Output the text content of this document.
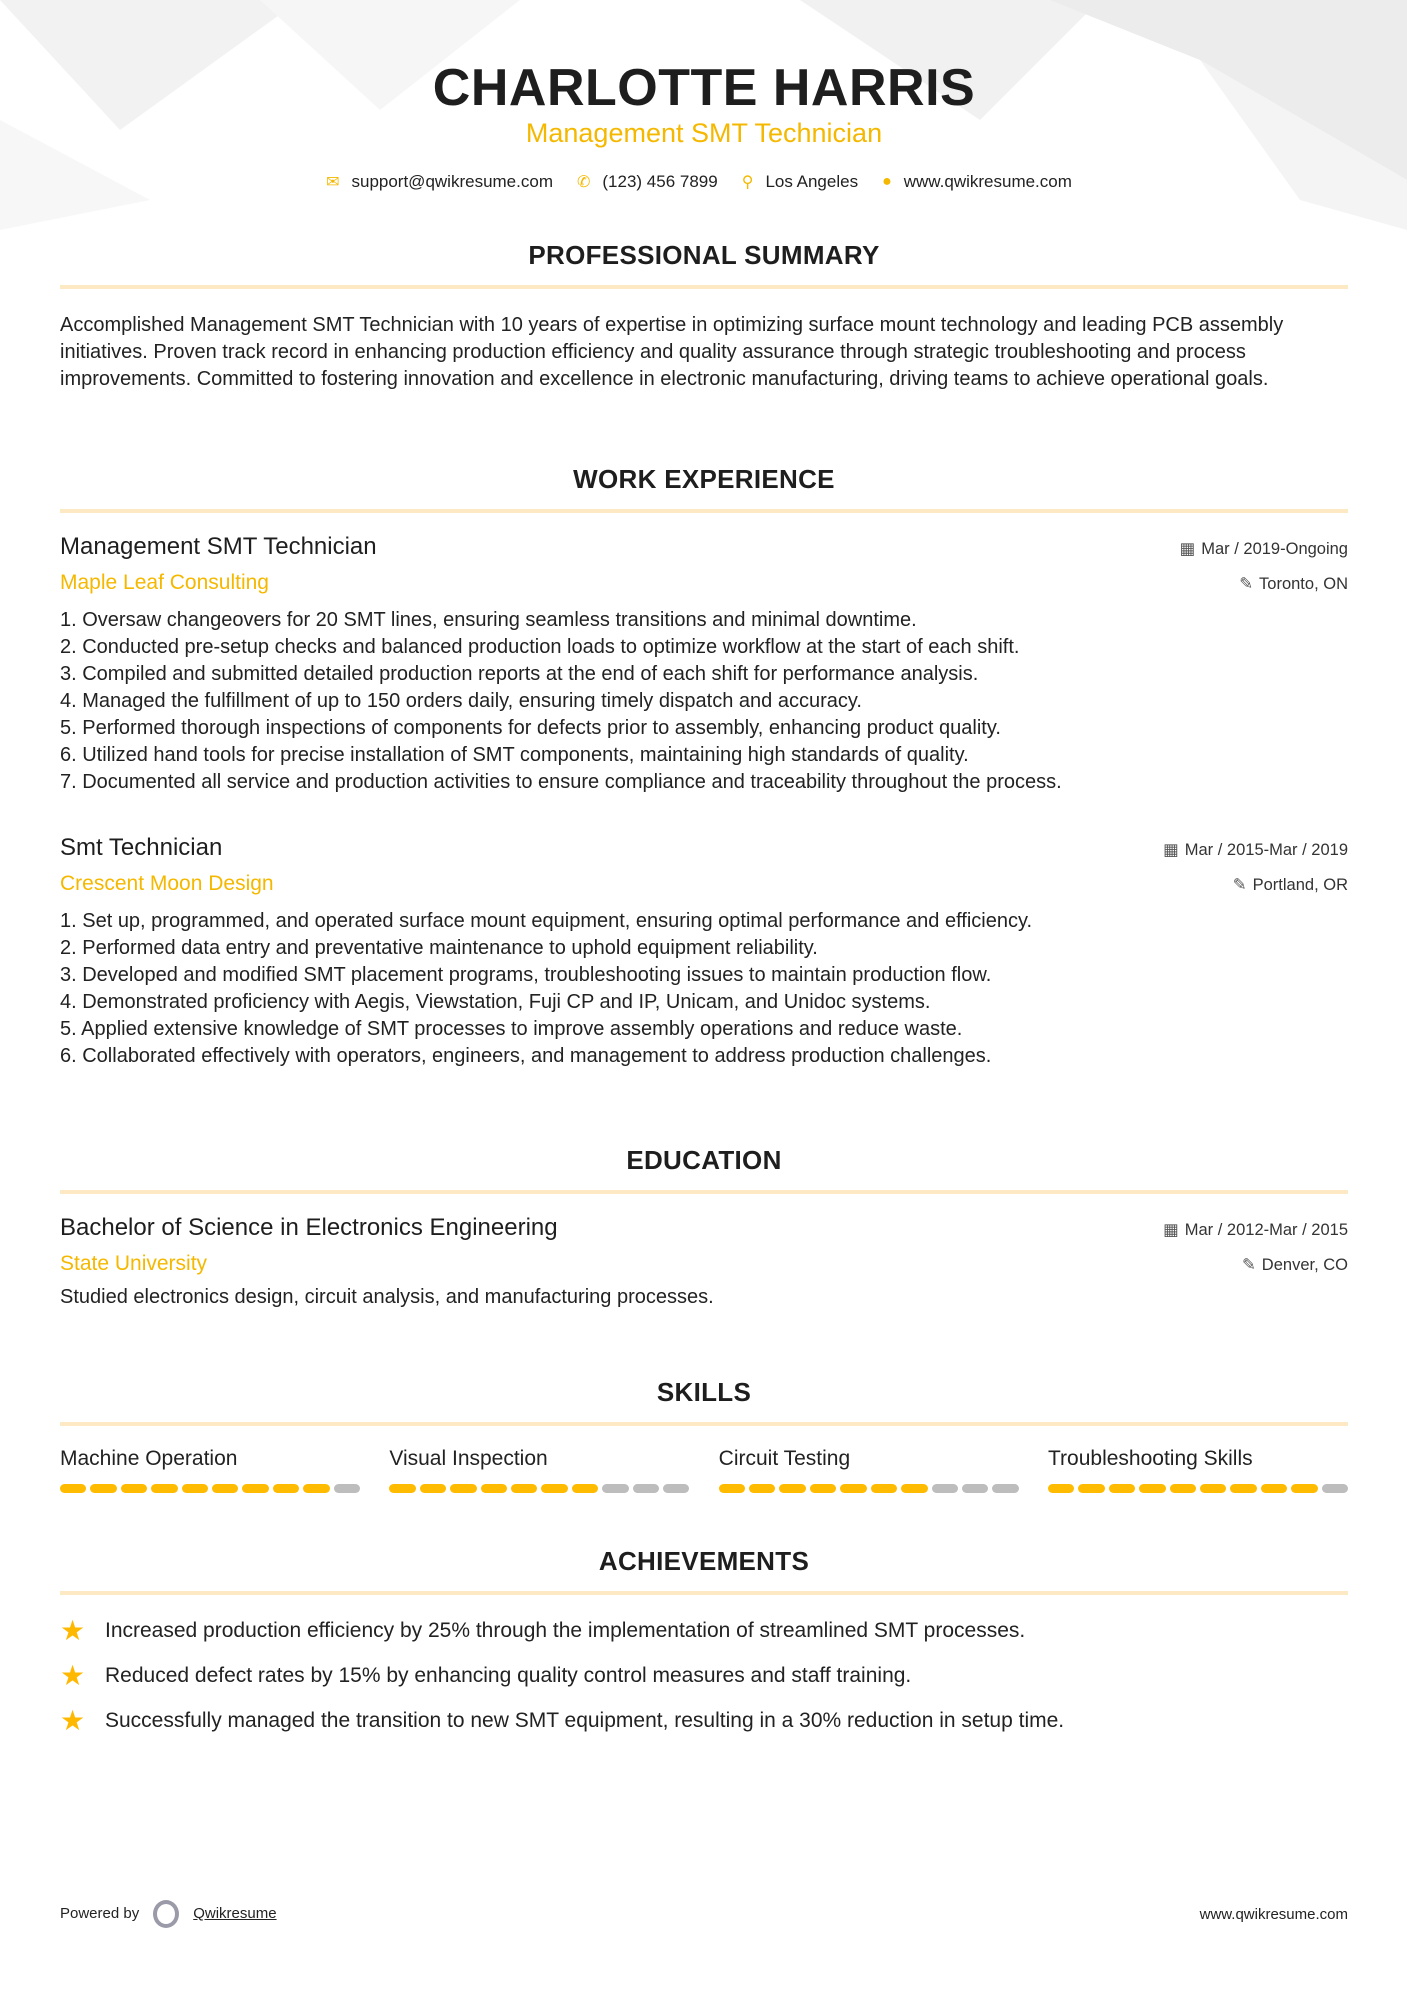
CHARLOTTE HARRIS
Management SMT Technician
✉ support@qwikresume.com ✆ (123) 456 7899 ⚲ Los Angeles ● www.qwikresume.com
PROFESSIONAL SUMMARY

Accomplished Management SMT Technician with 10 years of expertise in optimizing surface mount technology and leading PCB assembly initiatives. Proven track record in enhancing production efficiency and quality assurance through strategic troubleshooting and process improvements. Committed to fostering innovation and excellence in electronic manufacturing, driving teams to achieve operational goals.

WORK EXPERIENCE
Management SMT Technician	▦ Mar / 2019-Ongoing
Maple Leaf Consulting	✎ Toronto, ON
1. Oversaw changeovers for 20 SMT lines, ensuring seamless transitions and minimal downtime.
2. Conducted pre-setup checks and balanced production loads to optimize workflow at the start of each shift.
3. Compiled and submitted detailed production reports at the end of each shift for performance analysis.
4. Managed the fulfillment of up to 150 orders daily, ensuring timely dispatch and accuracy.
5. Performed thorough inspections of components for defects prior to assembly, enhancing product quality.
6. Utilized hand tools for precise installation of SMT components, maintaining high standards of quality.
7. Documented all service and production activities to ensure compliance and traceability throughout the process.
Smt Technician	▦ Mar / 2015-Mar / 2019
Crescent Moon Design	✎ Portland, OR
1. Set up, programmed, and operated surface mount equipment, ensuring optimal performance and efficiency.
2. Performed data entry and preventative maintenance to uphold equipment reliability.
3. Developed and modified SMT placement programs, troubleshooting issues to maintain production flow.
4. Demonstrated proficiency with Aegis, Viewstation, Fuji CP and IP, Unicam, and Unidoc systems.
5. Applied extensive knowledge of SMT processes to improve assembly operations and reduce waste.
6. Collaborated effectively with operators, engineers, and management to address production challenges.
EDUCATION
Bachelor of Science in Electronics Engineering	▦ Mar / 2012-Mar / 2015
State University	✎ Denver, CO

Studied electronics design, circuit analysis, and manufacturing processes.

SKILLS
Machine Operation	Visual Inspection	Circuit Testing	Troubleshooting Skills
ACHIEVEMENTS
★ Increased production efficiency by 25% through the implementation of streamlined SMT processes.
★ Reduced defect rates by 15% by enhancing quality control measures and staff training.
★ Successfully managed the transition to new SMT equipment, resulting in a 30% reduction in setup time.
Powered by	Qwikresume	www.qwikresume.com
